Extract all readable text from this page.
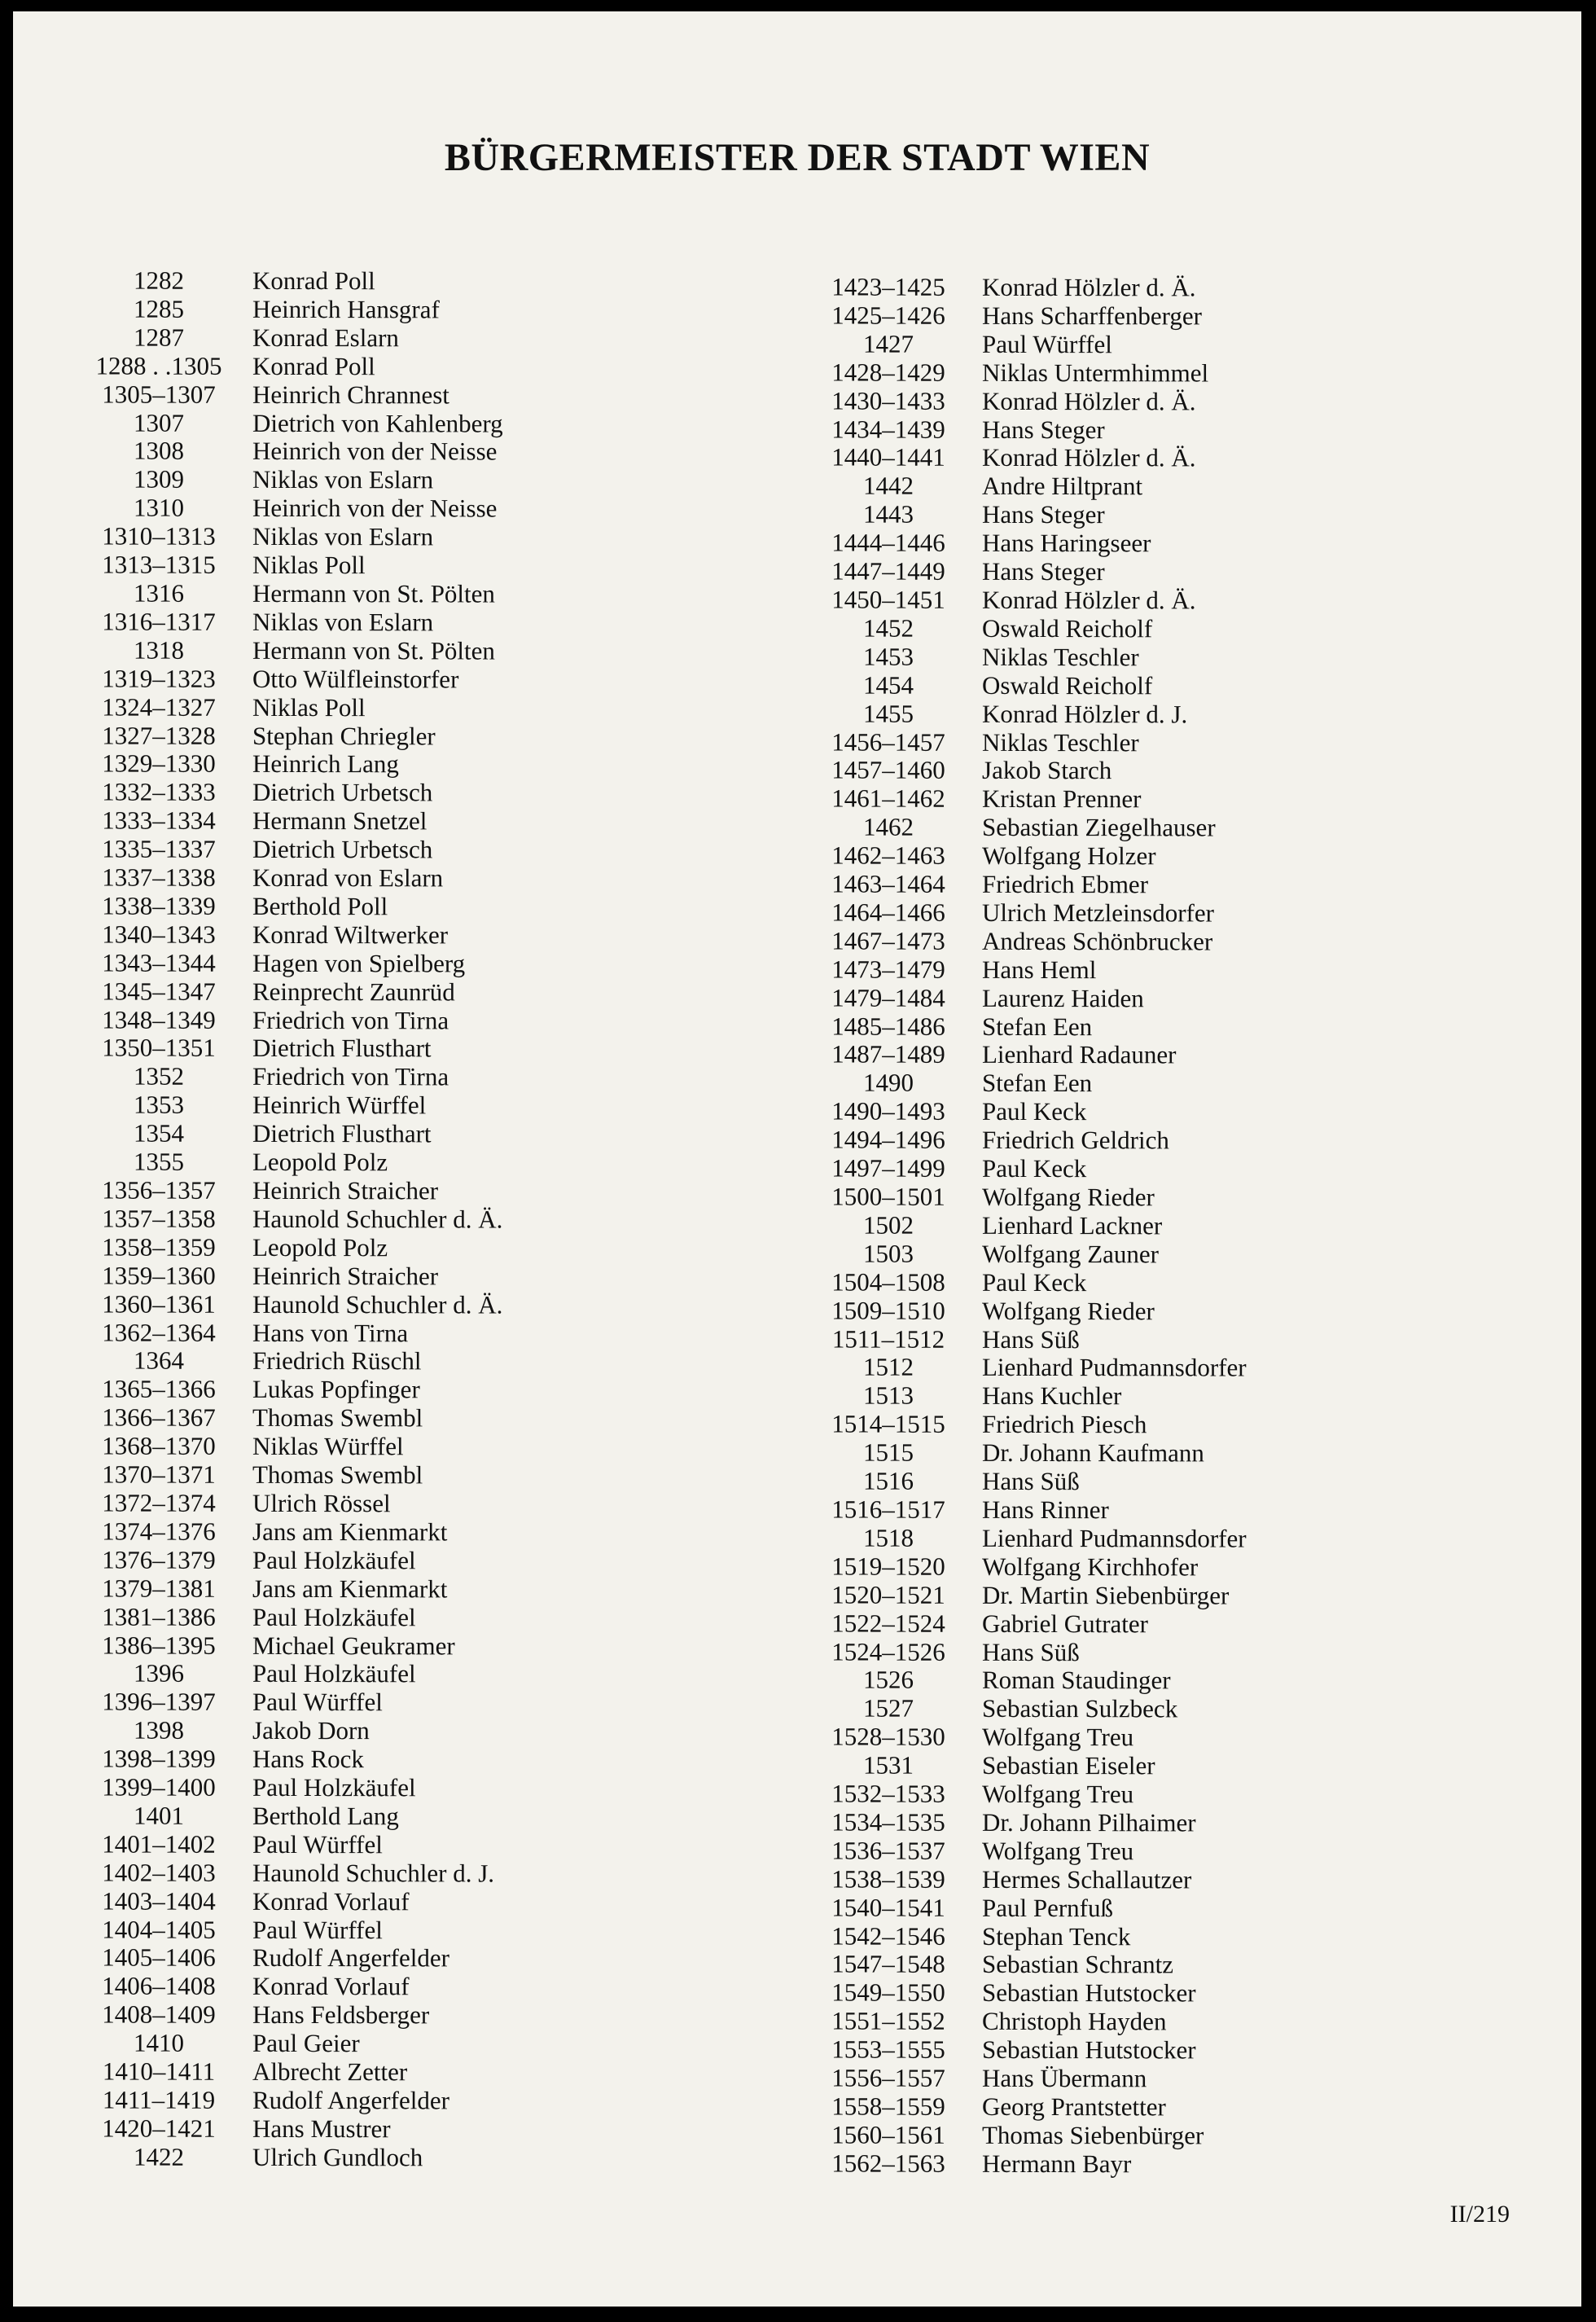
BÜRGERMEISTER DER STADT WIEN
1282	Konrad Poll
1285	Heinrich Hansgraf
1287	Konrad Eslarn
1288 . .1305	Konrad Poll
1305–1307	Heinrich Chrannest
1307	Dietrich von Kahlenberg
1308	Heinrich von der Neisse
1309	Niklas von Eslarn
1310	Heinrich von der Neisse
1310–1313	Niklas von Eslarn
1313–1315	Niklas Poll
1316	Hermann von St. Pölten
1316–1317	Niklas von Eslarn
1318	Hermann von St. Pölten
1319–1323	Otto Wülfleinstorfer
1324–1327	Niklas Poll
1327–1328	Stephan Chriegler
1329–1330	Heinrich Lang
1332–1333	Dietrich Urbetsch
1333–1334	Hermann Snetzel
1335–1337	Dietrich Urbetsch
1337–1338	Konrad von Eslarn
1338–1339	Berthold Poll
1340–1343	Konrad Wiltwerker
1343–1344	Hagen von Spielberg
1345–1347	Reinprecht Zaunrüd
1348–1349	Friedrich von Tirna
1350–1351	Dietrich Flusthart
1352	Friedrich von Tirna
1353	Heinrich Würffel
1354	Dietrich Flusthart
1355	Leopold Polz
1356–1357	Heinrich Straicher
1357–1358	Haunold Schuchler d. Ä.
1358–1359	Leopold Polz
1359–1360	Heinrich Straicher
1360–1361	Haunold Schuchler d. Ä.
1362–1364	Hans von Tirna
1364	Friedrich Rüschl
1365–1366	Lukas Popfinger
1366–1367	Thomas Swembl
1368–1370	Niklas Würffel
1370–1371	Thomas Swembl
1372–1374	Ulrich Rössel
1374–1376	Jans am Kienmarkt
1376–1379	Paul Holzkäufel
1379–1381	Jans am Kienmarkt
1381–1386	Paul Holzkäufel
1386–1395	Michael Geukramer
1396	Paul Holzkäufel
1396–1397	Paul Würffel
1398	Jakob Dorn
1398–1399	Hans Rock
1399–1400	Paul Holzkäufel
1401	Berthold Lang
1401–1402	Paul Würffel
1402–1403	Haunold Schuchler d. J.
1403–1404	Konrad Vorlauf
1404–1405	Paul Würffel
1405–1406	Rudolf Angerfelder
1406–1408	Konrad Vorlauf
1408–1409	Hans Feldsberger
1410	Paul Geier
1410–1411	Albrecht Zetter
1411–1419	Rudolf Angerfelder
1420–1421	Hans Mustrer
1422	Ulrich Gundloch
1423–1425	Konrad Hölzler d. Ä.
1425–1426	Hans Scharffenberger
1427	Paul Würffel
1428–1429	Niklas Untermhimmel
1430–1433	Konrad Hölzler d. Ä.
1434–1439	Hans Steger
1440–1441	Konrad Hölzler d. Ä.
1442	Andre Hiltprant
1443	Hans Steger
1444–1446	Hans Haringseer
1447–1449	Hans Steger
1450–1451	Konrad Hölzler d. Ä.
1452	Oswald Reicholf
1453	Niklas Teschler
1454	Oswald Reicholf
1455	Konrad Hölzler d. J.
1456–1457	Niklas Teschler
1457–1460	Jakob Starch
1461–1462	Kristan Prenner
1462	Sebastian Ziegelhauser
1462–1463	Wolfgang Holzer
1463–1464	Friedrich Ebmer
1464–1466	Ulrich Metzleinsdorfer
1467–1473	Andreas Schönbrucker
1473–1479	Hans Heml
1479–1484	Laurenz Haiden
1485–1486	Stefan Een
1487–1489	Lienhard Radauner
1490	Stefan Een
1490–1493	Paul Keck
1494–1496	Friedrich Geldrich
1497–1499	Paul Keck
1500–1501	Wolfgang Rieder
1502	Lienhard Lackner
1503	Wolfgang Zauner
1504–1508	Paul Keck
1509–1510	Wolfgang Rieder
1511–1512	Hans Süß
1512	Lienhard Pudmannsdorfer
1513	Hans Kuchler
1514–1515	Friedrich Piesch
1515	Dr. Johann Kaufmann
1516	Hans Süß
1516–1517	Hans Rinner
1518	Lienhard Pudmannsdorfer
1519–1520	Wolfgang Kirchhofer
1520–1521	Dr. Martin Siebenbürger
1522–1524	Gabriel Gutrater
1524–1526	Hans Süß
1526	Roman Staudinger
1527	Sebastian Sulzbeck
1528–1530	Wolfgang Treu
1531	Sebastian Eiseler
1532–1533	Wolfgang Treu
1534–1535	Dr. Johann Pilhaimer
1536–1537	Wolfgang Treu
1538–1539	Hermes Schallautzer
1540–1541	Paul Pernfuß
1542–1546	Stephan Tenck
1547–1548	Sebastian Schrantz
1549–1550	Sebastian Hutstocker
1551–1552	Christoph Hayden
1553–1555	Sebastian Hutstocker
1556–1557	Hans Übermann
1558–1559	Georg Prantstetter
1560–1561	Thomas Siebenbürger
1562–1563	Hermann Bayr
II/219
